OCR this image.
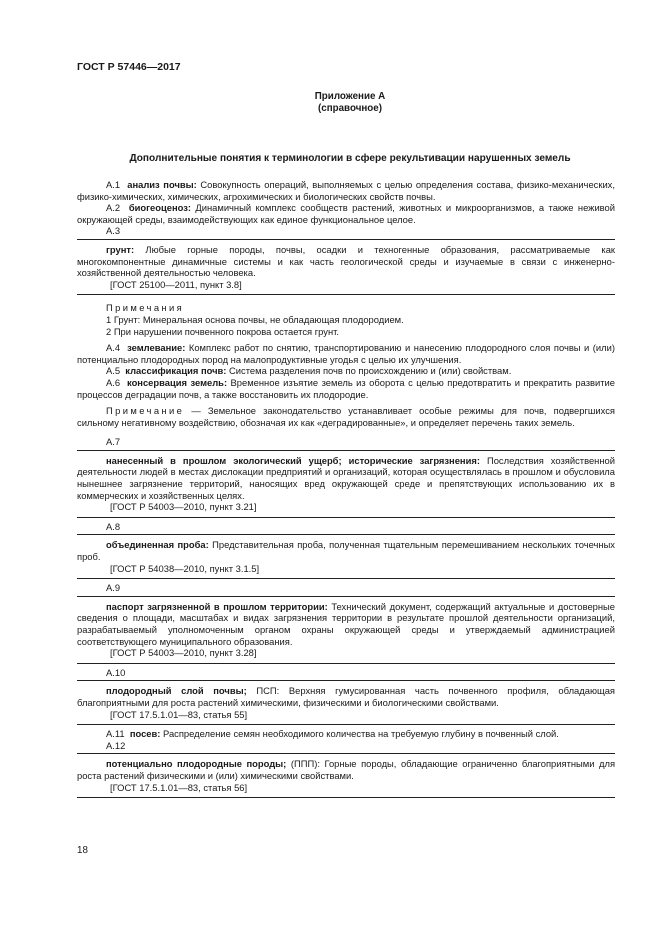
ГОСТ Р 57446—2017
Приложение А
(справочное)
Дополнительные понятия к терминологии в сфере рекультивации нарушенных земель

А.1 анализ почвы: Совокупность операций, выполняемых с целью определения состава, физико-механических, физико-химических, химических, агрохимических и биологических свойств почвы.

А.2 биогеоценоз: Динамичный комплекс сообществ растений, животных и микроорганизмов, а также неживой окружающей среды, взаимодействующих как единое функциональное целое.

А.3

грунт: Любые горные породы, почвы, осадки и техногенные образования, рассматриваемые как многокомпонентные динамичные системы и как часть геологической среды и изучаемые в связи с инженерно-хозяйственной деятельностью человека.

[ГОСТ 25100—2011, пункт 3.8]

Примечания

1 Грунт: Минеральная основа почвы, не обладающая плодородием.

2 При нарушении почвенного покрова остается грунт.

А.4 землевание: Комплекс работ по снятию, транспортированию и нанесению плодородного слоя почвы и (или) потенциально плодородных пород на малопродуктивные угодья с целью их улучшения.

А.5 классификация почв: Система разделения почв по происхождению и (или) свойствам.

А.6 консервация земель: Временное изъятие земель из оборота с целью предотвратить и прекратить развитие процессов деградации почв, а также восстановить их плодородие.

Примечание — Земельное законодательство устанавливает особые режимы для почв, подвергшихся сильному негативному воздействию, обозначая их как «деградированные», и определяет перечень таких земель.

А.7

нанесенный в прошлом экологический ущерб; исторические загрязнения: Последствия хозяйственной деятельности людей в местах дислокации предприятий и организаций, которая осуществлялась в прошлом и обусловила нынешнее загрязнение территорий, наносящих вред окружающей среде и препятствующих использованию их в коммерческих и хозяйственных целях.

[ГОСТ Р 54003—2010, пункт 3.21]

А.8

объединенная проба: Представительная проба, полученная тщательным перемешиванием нескольких точечных проб.

[ГОСТ Р 54038—2010, пункт 3.1.5]

А.9

паспорт загрязненной в прошлом территории: Технический документ, содержащий актуальные и достоверные сведения о площади, масштабах и видах загрязнения территории в результате прошлой деятельности организаций, разрабатываемый уполномоченным органом охраны окружающей среды и утверждаемый администрацией соответствующего муниципального образования.

[ГОСТ Р 54003—2010, пункт 3.28]

А.10

плодородный слой почвы; ПСП: Верхняя гумусированная часть почвенного профиля, обладающая благоприятными для роста растений химическими, физическими и биологическими свойствами.

[ГОСТ 17.5.1.01—83, статья 55]

А.11 посев: Распределение семян необходимого количества на требуемую глубину в почвенный слой.

А.12

потенциально плодородные породы; (ППП): Горные породы, обладающие ограниченно благоприятными для роста растений физическими и (или) химическими свойствами.

[ГОСТ 17.5.1.01—83, статья 56]

18
